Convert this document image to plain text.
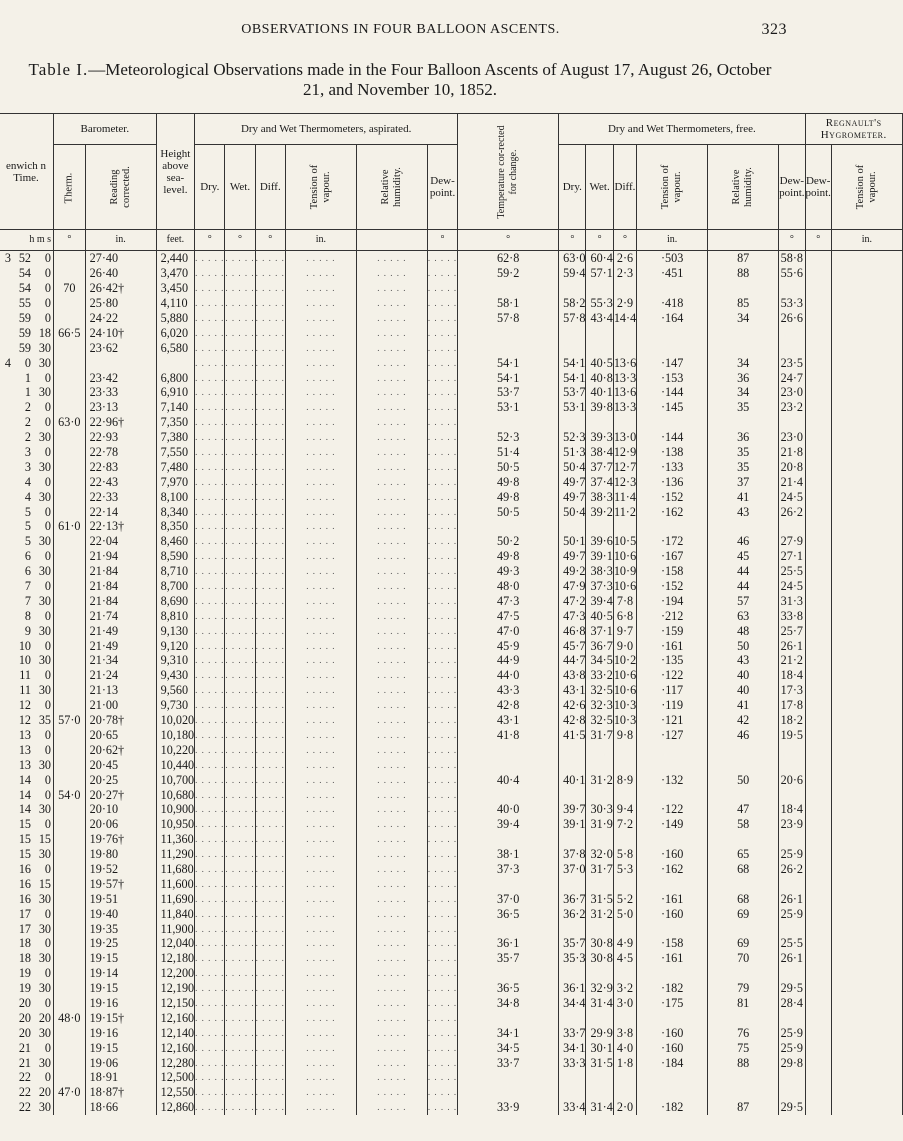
OBSERVATIONS IN FOUR BALLOON ASCENTS.	323
Table I.—Meteorological Observations made in the Four Balloon Ascents of August 17, August 26, October 21, and November 10, 1852.
enwich n Time.	Barometer.		Height above sea-level.	Dry and Wet Thermometers, aspirated.						Temperature cor-rected for change.	Dry and Wet Thermometers, free.						Regnault's Hygrometer.	
	Therm.	Reading corrected.		Dry.	Wet.	Diff.	Tension of vapour.	Relative humidity.	Dew-point.		Dry.	Wet.	Diff.	Tension of vapour.	Relative humidity.	Dew-point.	Dew-point.	Tension of vapour.
h m s	°	in.	feet.	°	°	°	in.		°	°	°	°	°	in.		°	°	in.
3 52 0		27·40	2,440	. . . . .	. . . . .	. . . . .	. . . . .	. . . . .	. . . . .	62·8	63·0	60·4	2·6	·503	87	58·8		
54 0		26·40	3,470	. . . . .	. . . . .	. . . . .	. . . . .	. . . . .	. . . . .	59·2	59·4	57·1	2·3	·451	88	55·6		
54 0	70	26·42†	3,450	. . . . .	. . . . .	. . . . .	. . . . .	. . . . .	. . . . .									
55 0		25·80	4,110	. . . . .	. . . . .	. . . . .	. . . . .	. . . . .	. . . . .	58·1	58·2	55·3	2·9	·418	85	53·3		
59 0		24·22	5,880	. . . . .	. . . . .	. . . . .	. . . . .	. . . . .	. . . . .	57·8	57·8	43·4	14·4	·164	34	26·6		
59 18	66·5	24·10†	6,020	. . . . .	. . . . .	. . . . .	. . . . .	. . . . .	. . . . .									
59 30		23·62	6,580	. . . . .	. . . . .	. . . . .	. . . . .	. . . . .	. . . . .									
4 0 30				. . . . .	. . . . .	. . . . .	. . . . .	. . . . .	. . . . .	54·1	54·1	40·5	13·6	·147	34	23·5		
1 0		23·42	6,800	. . . . .	. . . . .	. . . . .	. . . . .	. . . . .	. . . . .	54·1	54·1	40·8	13·3	·153	36	24·7		
1 30		23·33	6,910	. . . . .	. . . . .	. . . . .	. . . . .	. . . . .	. . . . .	53·7	53·7	40·1	13·6	·144	34	23·0		
2 0		23·13	7,140	. . . . .	. . . . .	. . . . .	. . . . .	. . . . .	. . . . .	53·1	53·1	39·8	13·3	·145	35	23·2		
2 0	63·0	22·96†	7,350	. . . . .	. . . . .	. . . . .	. . . . .	. . . . .	. . . . .									
2 30		22·93	7,380	. . . . .	. . . . .	. . . . .	. . . . .	. . . . .	. . . . .	52·3	52·3	39·3	13·0	·144	36	23·0		
3 0		22·78	7,550	. . . . .	. . . . .	. . . . .	. . . . .	. . . . .	. . . . .	51·4	51·3	38·4	12·9	·138	35	21·8		
3 30		22·83	7,480	. . . . .	. . . . .	. . . . .	. . . . .	. . . . .	. . . . .	50·5	50·4	37·7	12·7	·133	35	20·8		
4 0		22·43	7,970	. . . . .	. . . . .	. . . . .	. . . . .	. . . . .	. . . . .	49·8	49·7	37·4	12·3	·136	37	21·4		
4 30		22·33	8,100	. . . . .	. . . . .	. . . . .	. . . . .	. . . . .	. . . . .	49·8	49·7	38·3	11·4	·152	41	24·5		
5 0		22·14	8,340	. . . . .	. . . . .	. . . . .	. . . . .	. . . . .	. . . . .	50·5	50·4	39·2	11·2	·162	43	26·2		
5 0	61·0	22·13†	8,350	. . . . .	. . . . .	. . . . .	. . . . .	. . . . .	. . . . .									
5 30		22·04	8,460	. . . . .	. . . . .	. . . . .	. . . . .	. . . . .	. . . . .	50·2	50·1	39·6	10·5	·172	46	27·9		
6 0		21·94	8,590	. . . . .	. . . . .	. . . . .	. . . . .	. . . . .	. . . . .	49·8	49·7	39·1	10·6	·167	45	27·1		
6 30		21·84	8,710	. . . . .	. . . . .	. . . . .	. . . . .	. . . . .	. . . . .	49·3	49·2	38·3	10·9	·158	44	25·5		
7 0		21·84	8,700	. . . . .	. . . . .	. . . . .	. . . . .	. . . . .	. . . . .	48·0	47·9	37·3	10·6	·152	44	24·5		
7 30		21·84	8,690	. . . . .	. . . . .	. . . . .	. . . . .	. . . . .	. . . . .	47·3	47·2	39·4	7·8	·194	57	31·3		
8 0		21·74	8,810	. . . . .	. . . . .	. . . . .	. . . . .	. . . . .	. . . . .	47·5	47·3	40·5	6·8	·212	63	33·8		
9 30		21·49	9,130	. . . . .	. . . . .	. . . . .	. . . . .	. . . . .	. . . . .	47·0	46·8	37·1	9·7	·159	48	25·7		
10 0		21·49	9,120	. . . . .	. . . . .	. . . . .	. . . . .	. . . . .	. . . . .	45·9	45·7	36·7	9·0	·161	50	26·1		
10 30		21·34	9,310	. . . . .	. . . . .	. . . . .	. . . . .	. . . . .	. . . . .	44·9	44·7	34·5	10·2	·135	43	21·2		
11 0		21·24	9,430	. . . . .	. . . . .	. . . . .	. . . . .	. . . . .	. . . . .	44·0	43·8	33·2	10·6	·122	40	18·4		
11 30		21·13	9,560	. . . . .	. . . . .	. . . . .	. . . . .	. . . . .	. . . . .	43·3	43·1	32·5	10·6	·117	40	17·3		
12 0		21·00	9,730	. . . . .	. . . . .	. . . . .	. . . . .	. . . . .	. . . . .	42·8	42·6	32·3	10·3	·119	41	17·8		
12 35	57·0	20·78†	10,020	. . . . .	. . . . .	. . . . .	. . . . .	. . . . .	. . . . .	43·1	42·8	32·5	10·3	·121	42	18·2		
13 0		20·65	10,180	. . . . .	. . . . .	. . . . .	. . . . .	. . . . .	. . . . .	41·8	41·5	31·7	9·8	·127	46	19·5		
13 0		20·62†	10,220	. . . . .	. . . . .	. . . . .	. . . . .	. . . . .	. . . . .									
13 30		20·45	10,440	. . . . .	. . . . .	. . . . .	. . . . .	. . . . .	. . . . .									
14 0		20·25	10,700	. . . . .	. . . . .	. . . . .	. . . . .	. . . . .	. . . . .	40·4	40·1	31·2	8·9	·132	50	20·6		
14 0	54·0	20·27†	10,680	. . . . .	. . . . .	. . . . .	. . . . .	. . . . .	. . . . .									
14 30		20·10	10,900	. . . . .	. . . . .	. . . . .	. . . . .	. . . . .	. . . . .	40·0	39·7	30·3	9·4	·122	47	18·4		
15 0		20·06	10,950	. . . . .	. . . . .	. . . . .	. . . . .	. . . . .	. . . . .	39·4	39·1	31·9	7·2	·149	58	23·9		
15 15		19·76†	11,360	. . . . .	. . . . .	. . . . .	. . . . .	. . . . .	. . . . .									
15 30		19·80	11,290	. . . . .	. . . . .	. . . . .	. . . . .	. . . . .	. . . . .	38·1	37·8	32·0	5·8	·160	65	25·9		
16 0		19·52	11,680	. . . . .	. . . . .	. . . . .	. . . . .	. . . . .	. . . . .	37·3	37·0	31·7	5·3	·162	68	26·2		
16 15		19·57†	11,600	. . . . .	. . . . .	. . . . .	. . . . .	. . . . .	. . . . .									
16 30		19·51	11,690	. . . . .	. . . . .	. . . . .	. . . . .	. . . . .	. . . . .	37·0	36·7	31·5	5·2	·161	68	26·1		
17 0		19·40	11,840	. . . . .	. . . . .	. . . . .	. . . . .	. . . . .	. . . . .	36·5	36·2	31·2	5·0	·160	69	25·9		
17 30		19·35	11,900	. . . . .	. . . . .	. . . . .	. . . . .	. . . . .	. . . . .									
18 0		19·25	12,040	. . . . .	. . . . .	. . . . .	. . . . .	. . . . .	. . . . .	36·1	35·7	30·8	4·9	·158	69	25·5		
18 30		19·15	12,180	. . . . .	. . . . .	. . . . .	. . . . .	. . . . .	. . . . .	35·7	35·3	30·8	4·5	·161	70	26·1		
19 0		19·14	12,200	. . . . .	. . . . .	. . . . .	. . . . .	. . . . .	. . . . .									
19 30		19·15	12,190	. . . . .	. . . . .	. . . . .	. . . . .	. . . . .	. . . . .	36·5	36·1	32·9	3·2	·182	79	29·5		
20 0		19·16	12,150	. . . . .	. . . . .	. . . . .	. . . . .	. . . . .	. . . . .	34·8	34·4	31·4	3·0	·175	81	28·4		
20 20	48·0	19·15†	12,160	. . . . .	. . . . .	. . . . .	. . . . .	. . . . .	. . . . .									
20 30		19·16	12,140	. . . . .	. . . . .	. . . . .	. . . . .	. . . . .	. . . . .	34·1	33·7	29·9	3·8	·160	76	25·9		
21 0		19·15	12,160	. . . . .	. . . . .	. . . . .	. . . . .	. . . . .	. . . . .	34·5	34·1	30·1	4·0	·160	75	25·9		
21 30		19·06	12,280	. . . . .	. . . . .	. . . . .	. . . . .	. . . . .	. . . . .	33·7	33·3	31·5	1·8	·184	88	29·8		
22 0		18·91	12,500	. . . . .	. . . . .	. . . . .	. . . . .	. . . . .	. . . . .									
22 20	47·0	18·87†	12,550	. . . . .	. . . . .	. . . . .	. . . . .	. . . . .	. . . . .									
22 30		18·66	12,860	. . . . .	. . . . .	. . . . .	. . . . .	. . . . .	. . . . .	33·9	33·4	31·4	2·0	·182	87	29·5		
